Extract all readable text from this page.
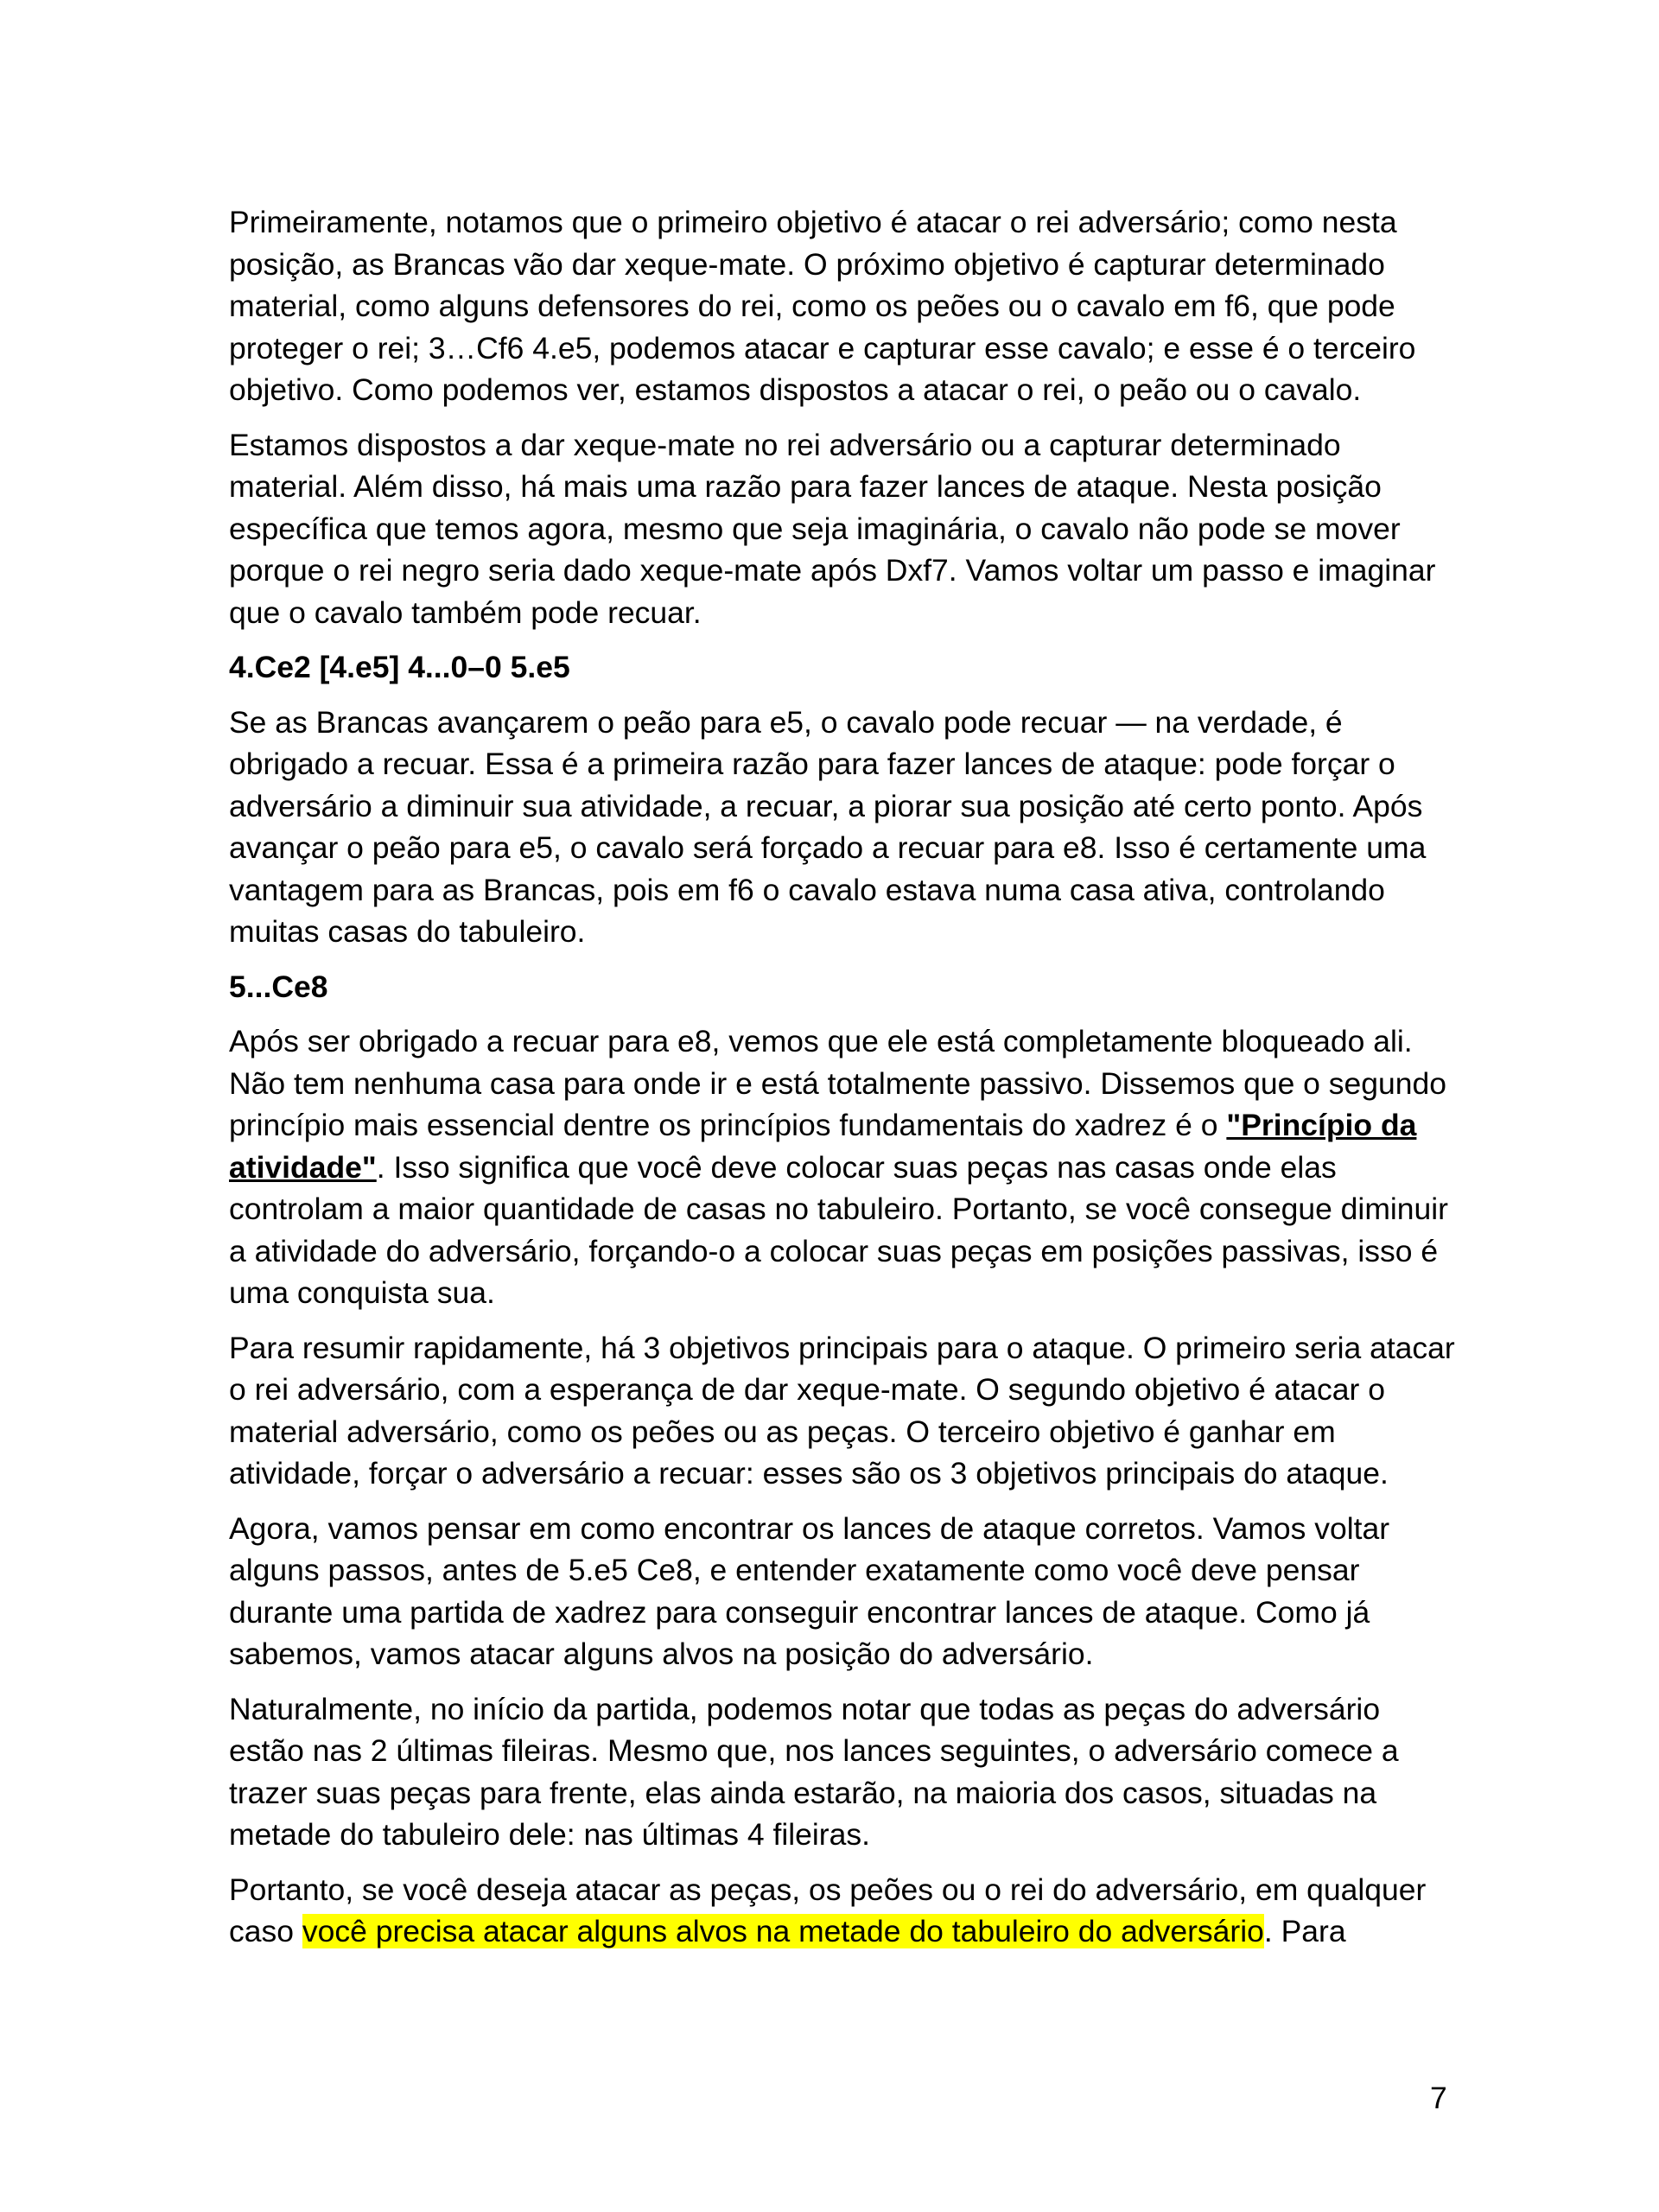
Primeiramente, notamos que o primeiro objetivo é atacar o rei adversário; como nesta posição, as Brancas vão dar xeque-mate. O próximo objetivo é capturar determinado material, como alguns defensores do rei, como os peões ou o cavalo em f6, que pode proteger o rei; 3…Cf6 4.e5, podemos atacar e capturar esse cavalo; e esse é o terceiro objetivo. Como podemos ver, estamos dispostos a atacar o rei, o peão ou o cavalo.

Estamos dispostos a dar xeque-mate no rei adversário ou a capturar determinado material. Além disso, há mais uma razão para fazer lances de ataque. Nesta posição específica que temos agora, mesmo que seja imaginária, o cavalo não pode se mover porque o rei negro seria dado xeque-mate após Dxf7. Vamos voltar um passo e imaginar que o cavalo também pode recuar.

4.Ce2 [4.e5] 4...0–0 5.e5

Se as Brancas avançarem o peão para e5, o cavalo pode recuar — na verdade, é obrigado a recuar. Essa é a primeira razão para fazer lances de ataque: pode forçar o adversário a diminuir sua atividade, a recuar, a piorar sua posição até certo ponto. Após avançar o peão para e5, o cavalo será forçado a recuar para e8. Isso é certamente uma vantagem para as Brancas, pois em f6 o cavalo estava numa casa ativa, controlando muitas casas do tabuleiro.

5...Ce8

Após ser obrigado a recuar para e8, vemos que ele está completamente bloqueado ali. Não tem nenhuma casa para onde ir e está totalmente passivo. Dissemos que o segundo princípio mais essencial dentre os princípios fundamentais do xadrez é o "Princípio da atividade". Isso significa que você deve colocar suas peças nas casas onde elas controlam a maior quantidade de casas no tabuleiro. Portanto, se você consegue diminuir a atividade do adversário, forçando-o a colocar suas peças em posições passivas, isso é uma conquista sua.

Para resumir rapidamente, há 3 objetivos principais para o ataque. O primeiro seria atacar o rei adversário, com a esperança de dar xeque-mate. O segundo objetivo é atacar o material adversário, como os peões ou as peças. O terceiro objetivo é ganhar em atividade, forçar o adversário a recuar: esses são os 3 objetivos principais do ataque.

Agora, vamos pensar em como encontrar os lances de ataque corretos. Vamos voltar alguns passos, antes de 5.e5 Ce8, e entender exatamente como você deve pensar durante uma partida de xadrez para conseguir encontrar lances de ataque. Como já sabemos, vamos atacar alguns alvos na posição do adversário.

Naturalmente, no início da partida, podemos notar que todas as peças do adversário estão nas 2 últimas fileiras. Mesmo que, nos lances seguintes, o adversário comece a trazer suas peças para frente, elas ainda estarão, na maioria dos casos, situadas na metade do tabuleiro dele: nas últimas 4 fileiras.

Portanto, se você deseja atacar as peças, os peões ou o rei do adversário, em qualquer caso você precisa atacar alguns alvos na metade do tabuleiro do adversário. Para

7
